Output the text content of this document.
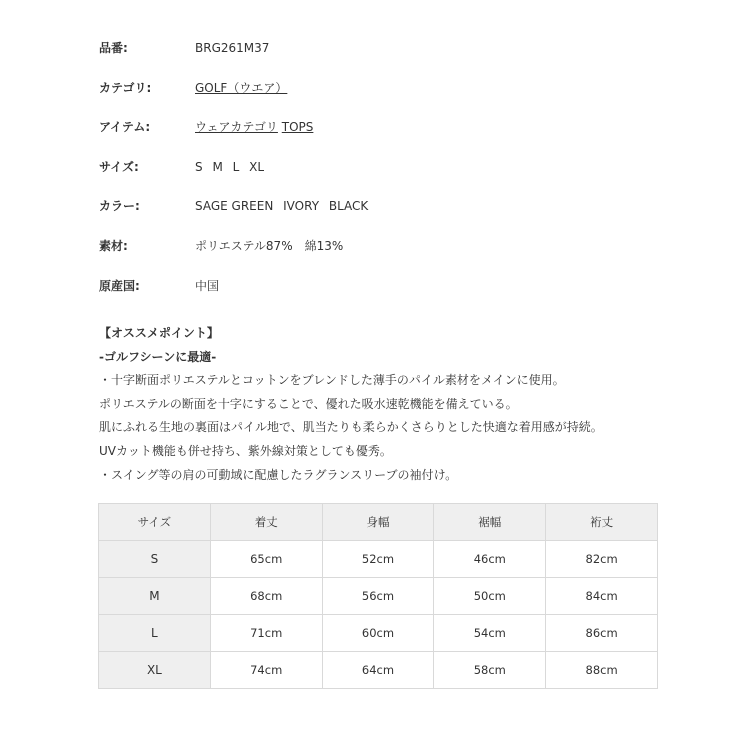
品番:	BRG261M37
カテゴリ:	GOLF（ウエア）
アイテム:	ウェアカテゴリ TOPS
サイズ:	S M L XL
カラー:	SAGE GREEN IVORY BLACK
素材:	ポリエステル87%　綿13%
原産国:	中国
【オススメポイント】
-ゴルフシーンに最適-
・十字断面ポリエステルとコットンをブレンドした薄手のパイル素材をメインに使用。
ポリエステルの断面を十字にすることで、優れた吸水速乾機能を備えている。
肌にふれる生地の裏面はパイル地で、肌当たりも柔らかくさらりとした快適な着用感が持続。
UVカット機能も併せ持ち、紫外線対策としても優秀。
・スイング等の肩の可動域に配慮したラグランスリーブの袖付け。
サイズ	着丈	身幅	裾幅	裄丈
S	65cm	52cm	46cm	82cm
M	68cm	56cm	50cm	84cm
L	71cm	60cm	54cm	86cm
XL	74cm	64cm	58cm	88cm
